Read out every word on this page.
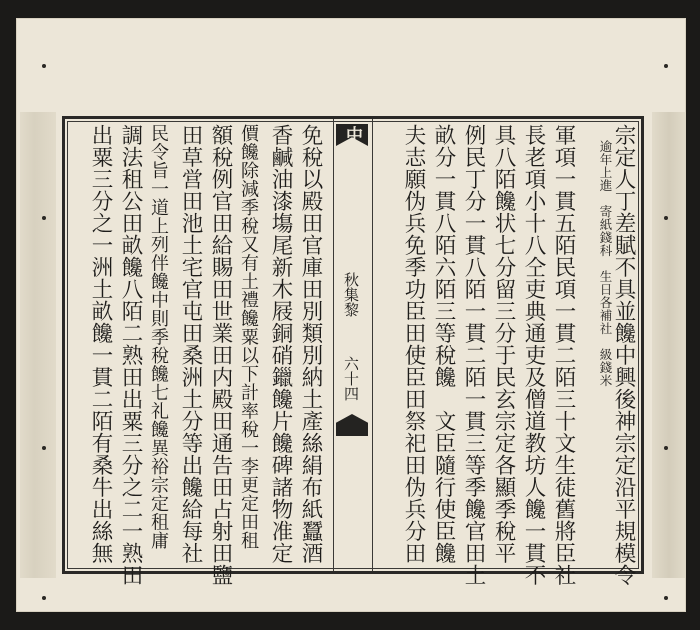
中學越史撮要
秋集黎
六十四	宗定人丁差賦不具並饞中興後神宗定沿平規模令
逾年上進　寄紙錢科　生日各補社　級錢米
軍項一貫五陌民項一貫二陌三十文生徒舊將臣社
長老項小十八仝吏典通吏及僧道教坊人饞一貫不
具八陌饞状七分留三分于民玄宗定各顯季稅平
例民丁分一貫八陌一貫二陌一貫三等季饞官田土
畝分一貫八陌六陌三等稅饞　文臣隨行使臣饞
夫志願伪兵免季功臣田使臣田祭祀田伪兵分田
免稅以殿田官庫田別類別納土產絲絹布紙蠶酒
香鹹油漆塲尾新木屐銅硝鑞饞片饞碑諸物准定
價饞除減季稅又有土禮饞粟以下計率稅一李更定田租
額稅例官田給賜田世業田内殿田通告田占射田鹽
田草営田池土宅官屯田桑洲土分等出饞給每社
民令旨一道上列伴饞中則季稅饞七礼饞異裕宗定租庸
調法租公田畝饞八陌二熟田出粟三分之二一熟田
出粟三分之一洲土畝饞一貫二陌有桑牛出絲無
